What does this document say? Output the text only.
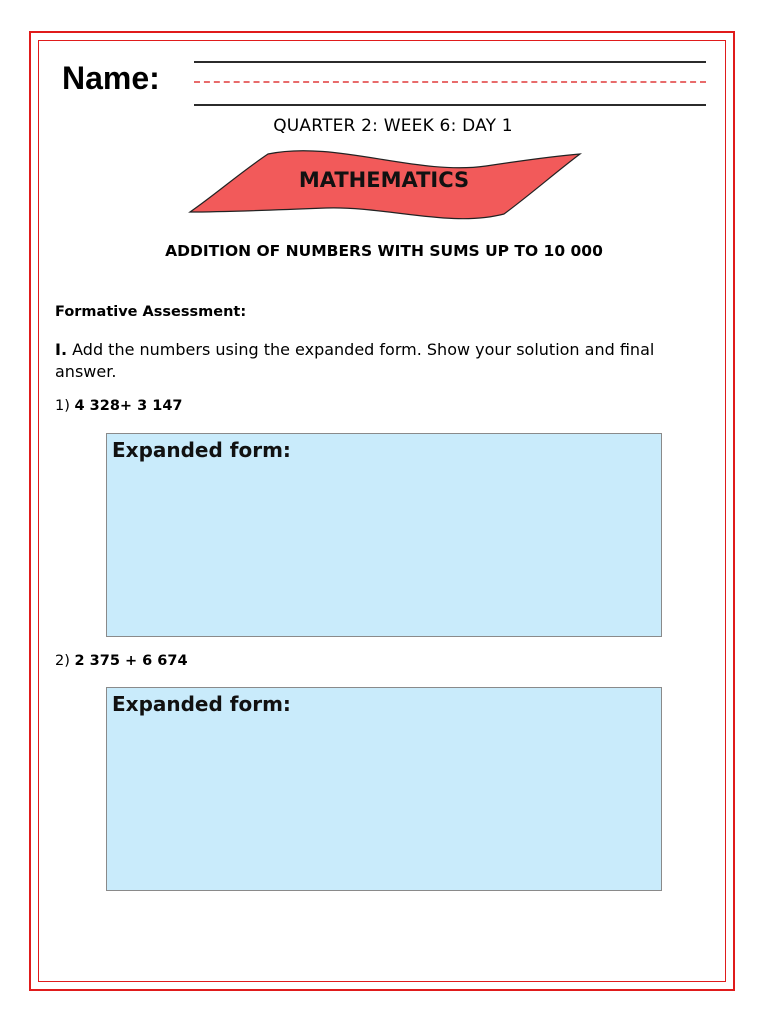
Name:
QUARTER 2: WEEK 6: DAY 1
MATHEMATICS
ADDITION OF NUMBERS WITH SUMS UP TO 10 000
Formative Assessment:
I. Add the numbers using the expanded form. Show your solution and final answer.
1) 4 328+ 3 147
Expanded form:
2) 2 375 + 6 674
Expanded form:
